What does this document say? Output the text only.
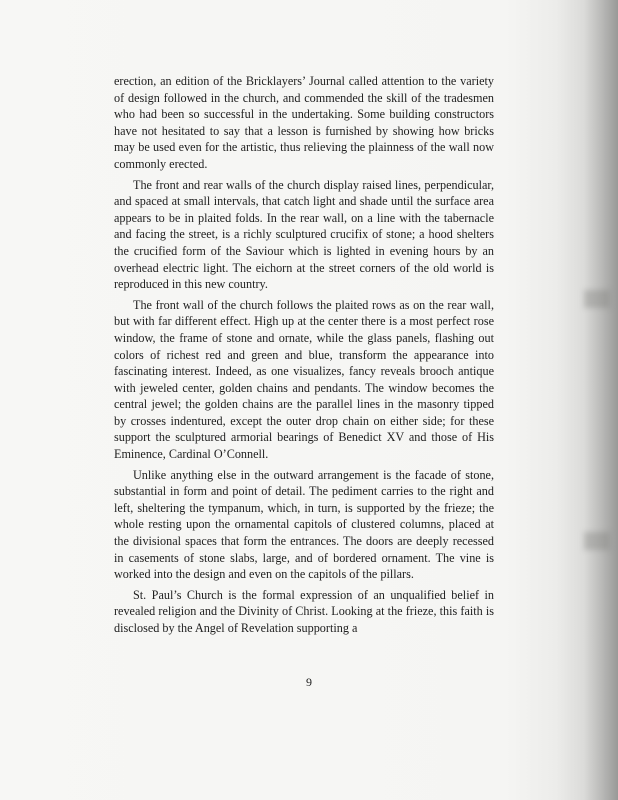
erection, an edition of the Bricklayers’ Journal called attention to the variety of design followed in the church, and commended the skill of the tradesmen who had been so successful in the undertaking. Some building constructors have not hesitated to say that a lesson is furnished by showing how bricks may be used even for the artistic, thus relieving the plainness of the wall now commonly erected.

The front and rear walls of the church display raised lines, perpendicular, and spaced at small intervals, that catch light and shade until the surface area appears to be in plaited folds. In the rear wall, on a line with the tabernacle and facing the street, is a richly sculptured crucifix of stone; a hood shelters the crucified form of the Saviour which is lighted in evening hours by an overhead electric light. The eichorn at the street corners of the old world is reproduced in this new country.

The front wall of the church follows the plaited rows as on the rear wall, but with far different effect. High up at the center there is a most perfect rose window, the frame of stone and ornate, while the glass panels, flashing out colors of richest red and green and blue, transform the appearance into fascinating interest. Indeed, as one visualizes, fancy reveals brooch antique with jeweled center, golden chains and pendants. The window becomes the central jewel; the golden chains are the parallel lines in the masonry tipped by crosses indentured, except the outer drop chain on either side; for these support the sculptured armorial bearings of Benedict XV and those of His Eminence, Cardinal O’Connell.

Unlike anything else in the outward arrangement is the facade of stone, substantial in form and point of detail. The pediment carries to the right and left, sheltering the tympanum, which, in turn, is supported by the frieze; the whole resting upon the ornamental capitols of clustered columns, placed at the divisional spaces that form the entrances. The doors are deeply recessed in casements of stone slabs, large, and of bordered ornament. The vine is worked into the design and even on the capitols of the pillars.

St. Paul’s Church is the formal expression of an unqualified belief in revealed religion and the Divinity of Christ. Looking at the frieze, this faith is disclosed by the Angel of Revelation supporting a

9
